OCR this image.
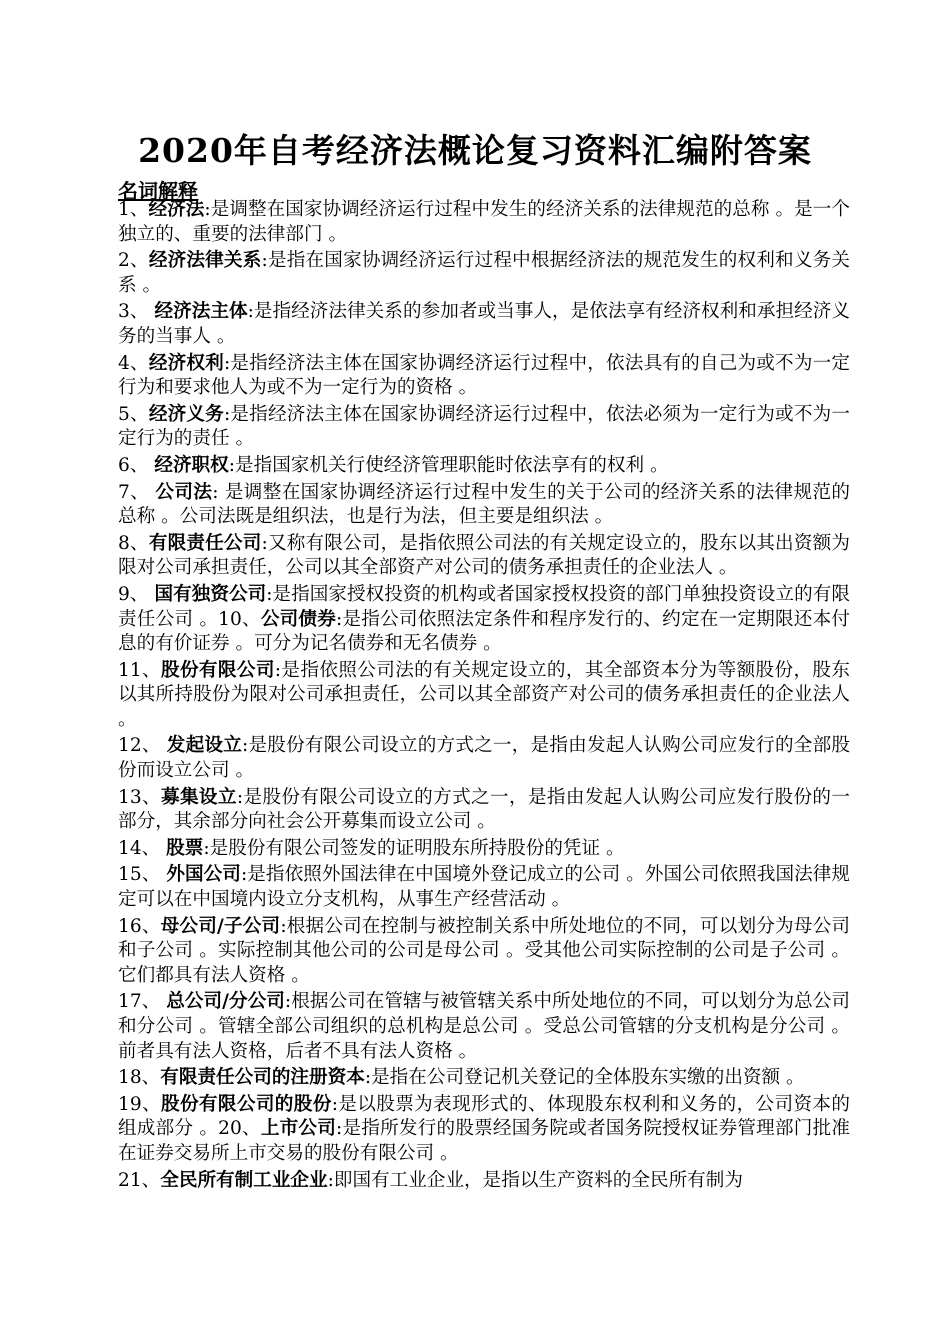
2020年自考经济法概论复习资料汇编附答案
名词解释

1、经济法:是调整在国家协调经济运行过程中发生的经济关系的法律规范的总称 。是一个独立的、重要的法律部门 。

2、经济法律关系:是指在国家协调经济运行过程中根据经济法的规范发生的权利和义务关系 。

3、 经济法主体:是指经济法律关系的参加者或当事人，是依法享有经济权利和承担经济义务的当事人 。

4、经济权利:是指经济法主体在国家协调经济运行过程中，依法具有的自己为或不为一定行为和要求他人为或不为一定行为的资格 。

5、经济义务:是指经济法主体在国家协调经济运行过程中，依法必须为一定行为或不为一定行为的责任 。

6、 经济职权:是指国家机关行使经济管理职能时依法享有的权利 。

7、 公司法: 是调整在国家协调经济运行过程中发生的关于公司的经济关系的法律规范的总称 。公司法既是组织法，也是行为法，但主要是组织法 。

8、有限责任公司:又称有限公司，是指依照公司法的有关规定设立的，股东以其出资额为限对公司承担责任，公司以其全部资产对公司的债务承担责任的企业法人 。

9、 国有独资公司:是指国家授权投资的机构或者国家授权投资的部门单独投资设立的有限责任公司 。10、公司债券:是指公司依照法定条件和程序发行的、约定在一定期限还本付息的有价证券 。可分为记名债券和无名债券 。

11、股份有限公司:是指依照公司法的有关规定设立的，其全部资本分为等额股份，股东以其所持股份为限对公司承担责任，公司以其全部资产对公司的债务承担责任的企业法人 。

12、 发起设立:是股份有限公司设立的方式之一，是指由发起人认购公司应发行的全部股份而设立公司 。

13、募集设立:是股份有限公司设立的方式之一，是指由发起人认购公司应发行股份的一部分，其余部分向社会公开募集而设立公司 。

14、 股票:是股份有限公司签发的证明股东所持股份的凭证 。

15、 外国公司:是指依照外国法律在中国境外登记成立的公司 。外国公司依照我国法律规定可以在中国境内设立分支机构，从事生产经营活动 。

16、母公司/子公司:根据公司在控制与被控制关系中所处地位的不同，可以划分为母公司和子公司 。实际控制其他公司的公司是母公司 。受其他公司实际控制的公司是子公司 。它们都具有法人资格 。

17、 总公司/分公司:根据公司在管辖与被管辖关系中所处地位的不同，可以划分为总公司和分公司 。管辖全部公司组织的总机构是总公司 。受总公司管辖的分支机构是分公司 。前者具有法人资格，后者不具有法人资格 。

18、有限责任公司的注册资本:是指在公司登记机关登记的全体股东实缴的出资额 。

19、股份有限公司的股份:是以股票为表现形式的、体现股东权利和义务的，公司资本的组成部分 。20、上市公司:是指所发行的股票经国务院或者国务院授权证券管理部门批准在证券交易所上市交易的股份有限公司 。

21、全民所有制工业企业:即国有工业企业，是指以生产资料的全民所有制为
